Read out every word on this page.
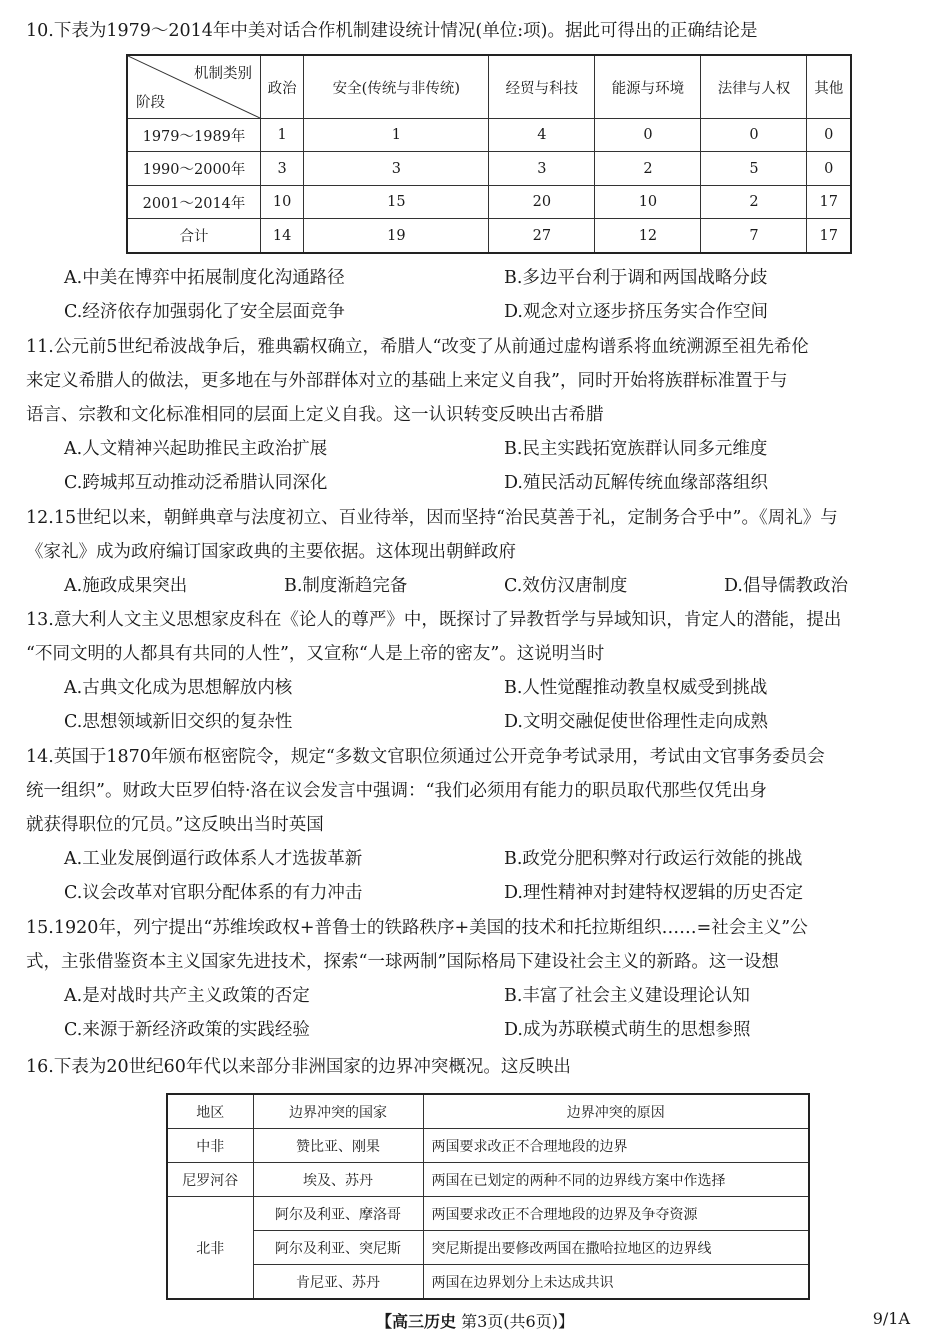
10.下表为1979～2014年中美对话合作机制建设统计情况(单位:项)。据此可得出的正确结论是
机制类别
阶段	政治	安全(传统与非传统)	经贸与科技	能源与环境	法律与人权	其他
1979～1989年	1	1	4	0	0	0
1990～2000年	3	3	3	2	5	0
2001～2014年	10	15	20	10	2	17
合计	14	19	27	12	7	17
A.中美在博弈中拓展制度化沟通路径	B.多边平台利于调和两国战略分歧
C.经济依存加强弱化了安全层面竞争	D.观念对立逐步挤压务实合作空间
11.公元前5世纪希波战争后，雅典霸权确立，希腊人“改变了从前通过虚构谱系将血统溯源至祖先希伦
来定义希腊人的做法，更多地在与外部群体对立的基础上来定义自我”，同时开始将族群标准置于与
语言、宗教和文化标准相同的层面上定义自我。这一认识转变反映出古希腊
A.人文精神兴起助推民主政治扩展	B.民主实践拓宽族群认同多元维度
C.跨城邦互动推动泛希腊认同深化	D.殖民活动瓦解传统血缘部落组织
12.15世纪以来，朝鲜典章与法度初立、百业待举，因而坚持“治民莫善于礼，定制务合乎中”。《周礼》与
《家礼》成为政府编订国家政典的主要依据。这体现出朝鲜政府
A.施政成果突出	B.制度渐趋完备	C.效仿汉唐制度	D.倡导儒教政治
13.意大利人文主义思想家皮科在《论人的尊严》中，既探讨了异教哲学与异域知识，肯定人的潜能，提出
“不同文明的人都具有共同的人性”，又宣称“人是上帝的密友”。这说明当时
A.古典文化成为思想解放内核	B.人性觉醒推动教皇权威受到挑战
C.思想领域新旧交织的复杂性	D.文明交融促使世俗理性走向成熟
14.英国于1870年颁布枢密院令，规定“多数文官职位须通过公开竞争考试录用，考试由文官事务委员会
统一组织”。财政大臣罗伯特·洛在议会发言中强调：“我们必须用有能力的职员取代那些仅凭出身
就获得职位的冗员。”这反映出当时英国
A.工业发展倒逼行政体系人才选拔革新	B.政党分肥积弊对行政运行效能的挑战
C.议会改革对官职分配体系的有力冲击	D.理性精神对封建特权逻辑的历史否定
15.1920年，列宁提出“苏维埃政权+普鲁士的铁路秩序+美国的技术和托拉斯组织……=社会主义”公
式，主张借鉴资本主义国家先进技术，探索“一球两制”国际格局下建设社会主义的新路。这一设想
A.是对战时共产主义政策的否定	B.丰富了社会主义建设理论认知
C.来源于新经济政策的实践经验	D.成为苏联模式萌生的思想参照
16.下表为20世纪60年代以来部分非洲国家的边界冲突概况。这反映出
地区	边界冲突的国家	边界冲突的原因
中非	赞比亚、刚果	两国要求改正不合理地段的边界
尼罗河谷	埃及、苏丹	两国在已划定的两种不同的边界线方案中作选择
北非	阿尔及利亚、摩洛哥	两国要求改正不合理地段的边界及争夺资源
	阿尔及利亚、突尼斯	突尼斯提出要修改两国在撒哈拉地区的边界线
	肯尼亚、苏丹	两国在边界划分上未达成共识
【高三历史 第3页(共6页)】	9/1A
